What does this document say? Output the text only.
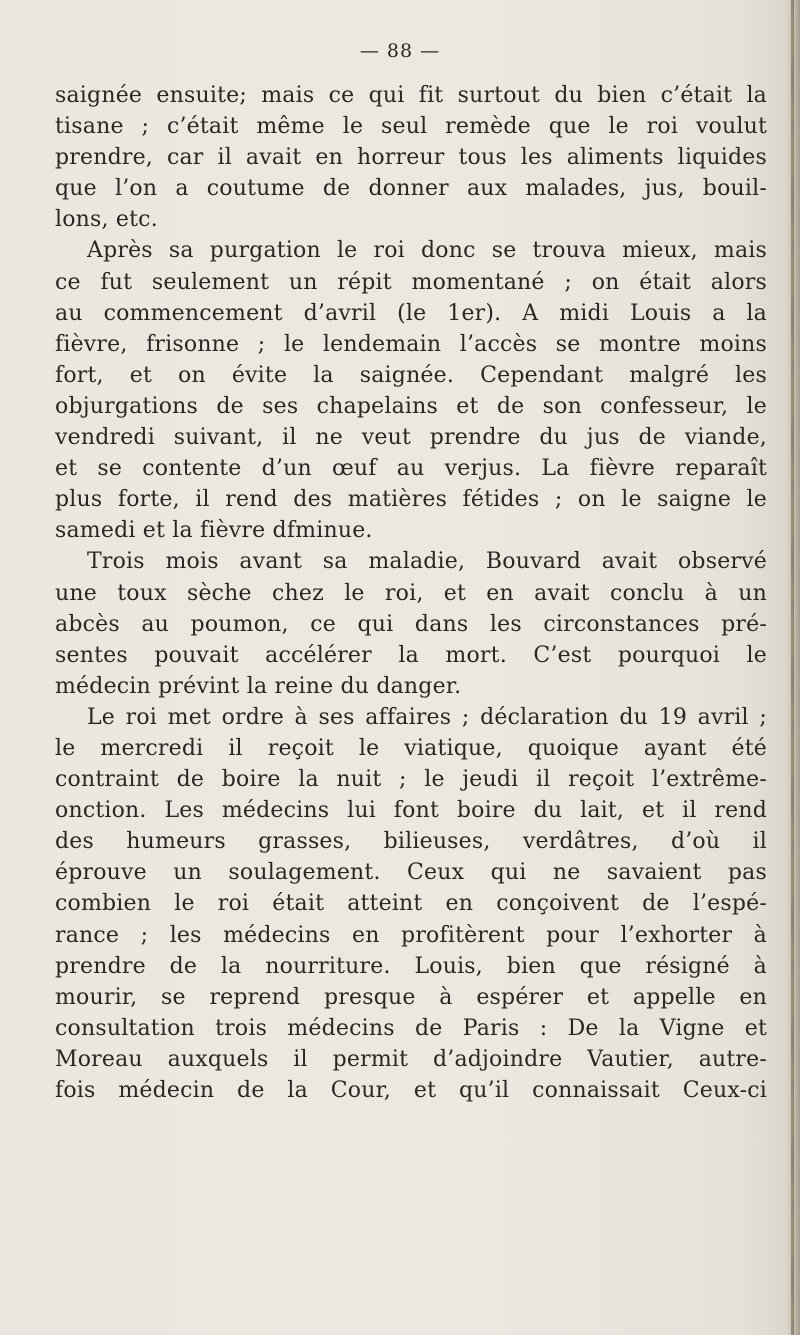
— 88 —
saignée ensuite; mais ce qui fit surtout du bien c’était la
tisane ; c’était même le seul remède que le roi voulut
prendre, car il avait en horreur tous les aliments liquides
que l’on a coutume de donner aux malades, jus, bouil-
lons, etc.
Après sa purgation le roi donc se trouva mieux, mais
ce fut seulement un répit momentané ; on était alors
au commencement d’avril (le 1er). A midi Louis a la
fièvre, frisonne ; le lendemain l’accès se montre moins
fort, et on évite la saignée. Cependant malgré les
objurgations de ses chapelains et de son confesseur, le
vendredi suivant, il ne veut prendre du jus de viande,
et se contente d’un œuf au verjus. La fièvre reparaît
plus forte, il rend des matières fétides ; on le saigne le
samedi et la fièvre dfminue.
Trois mois avant sa maladie, Bouvard avait observé
une toux sèche chez le roi, et en avait conclu à un
abcès au poumon, ce qui dans les circonstances pré-
sentes pouvait accélérer la mort. C’est pourquoi le
médecin prévint la reine du danger.
Le roi met ordre à ses affaires ; déclaration du 19 avril ;
le mercredi il reçoit le viatique, quoique ayant été
contraint de boire la nuit ; le jeudi il reçoit l’extrême-
onction. Les médecins lui font boire du lait, et il rend
des humeurs grasses, bilieuses, verdâtres, d’où il
éprouve un soulagement. Ceux qui ne savaient pas
combien le roi était atteint en conçoivent de l’espé-
rance ; les médecins en profitèrent pour l’exhorter à
prendre de la nourriture. Louis, bien que résigné à
mourir, se reprend presque à espérer et appelle en
consultation trois médecins de Paris : De la Vigne et
Moreau auxquels il permit d’adjoindre Vautier, autre-
fois médecin de la Cour, et qu’il connaissait Ceux-ci
